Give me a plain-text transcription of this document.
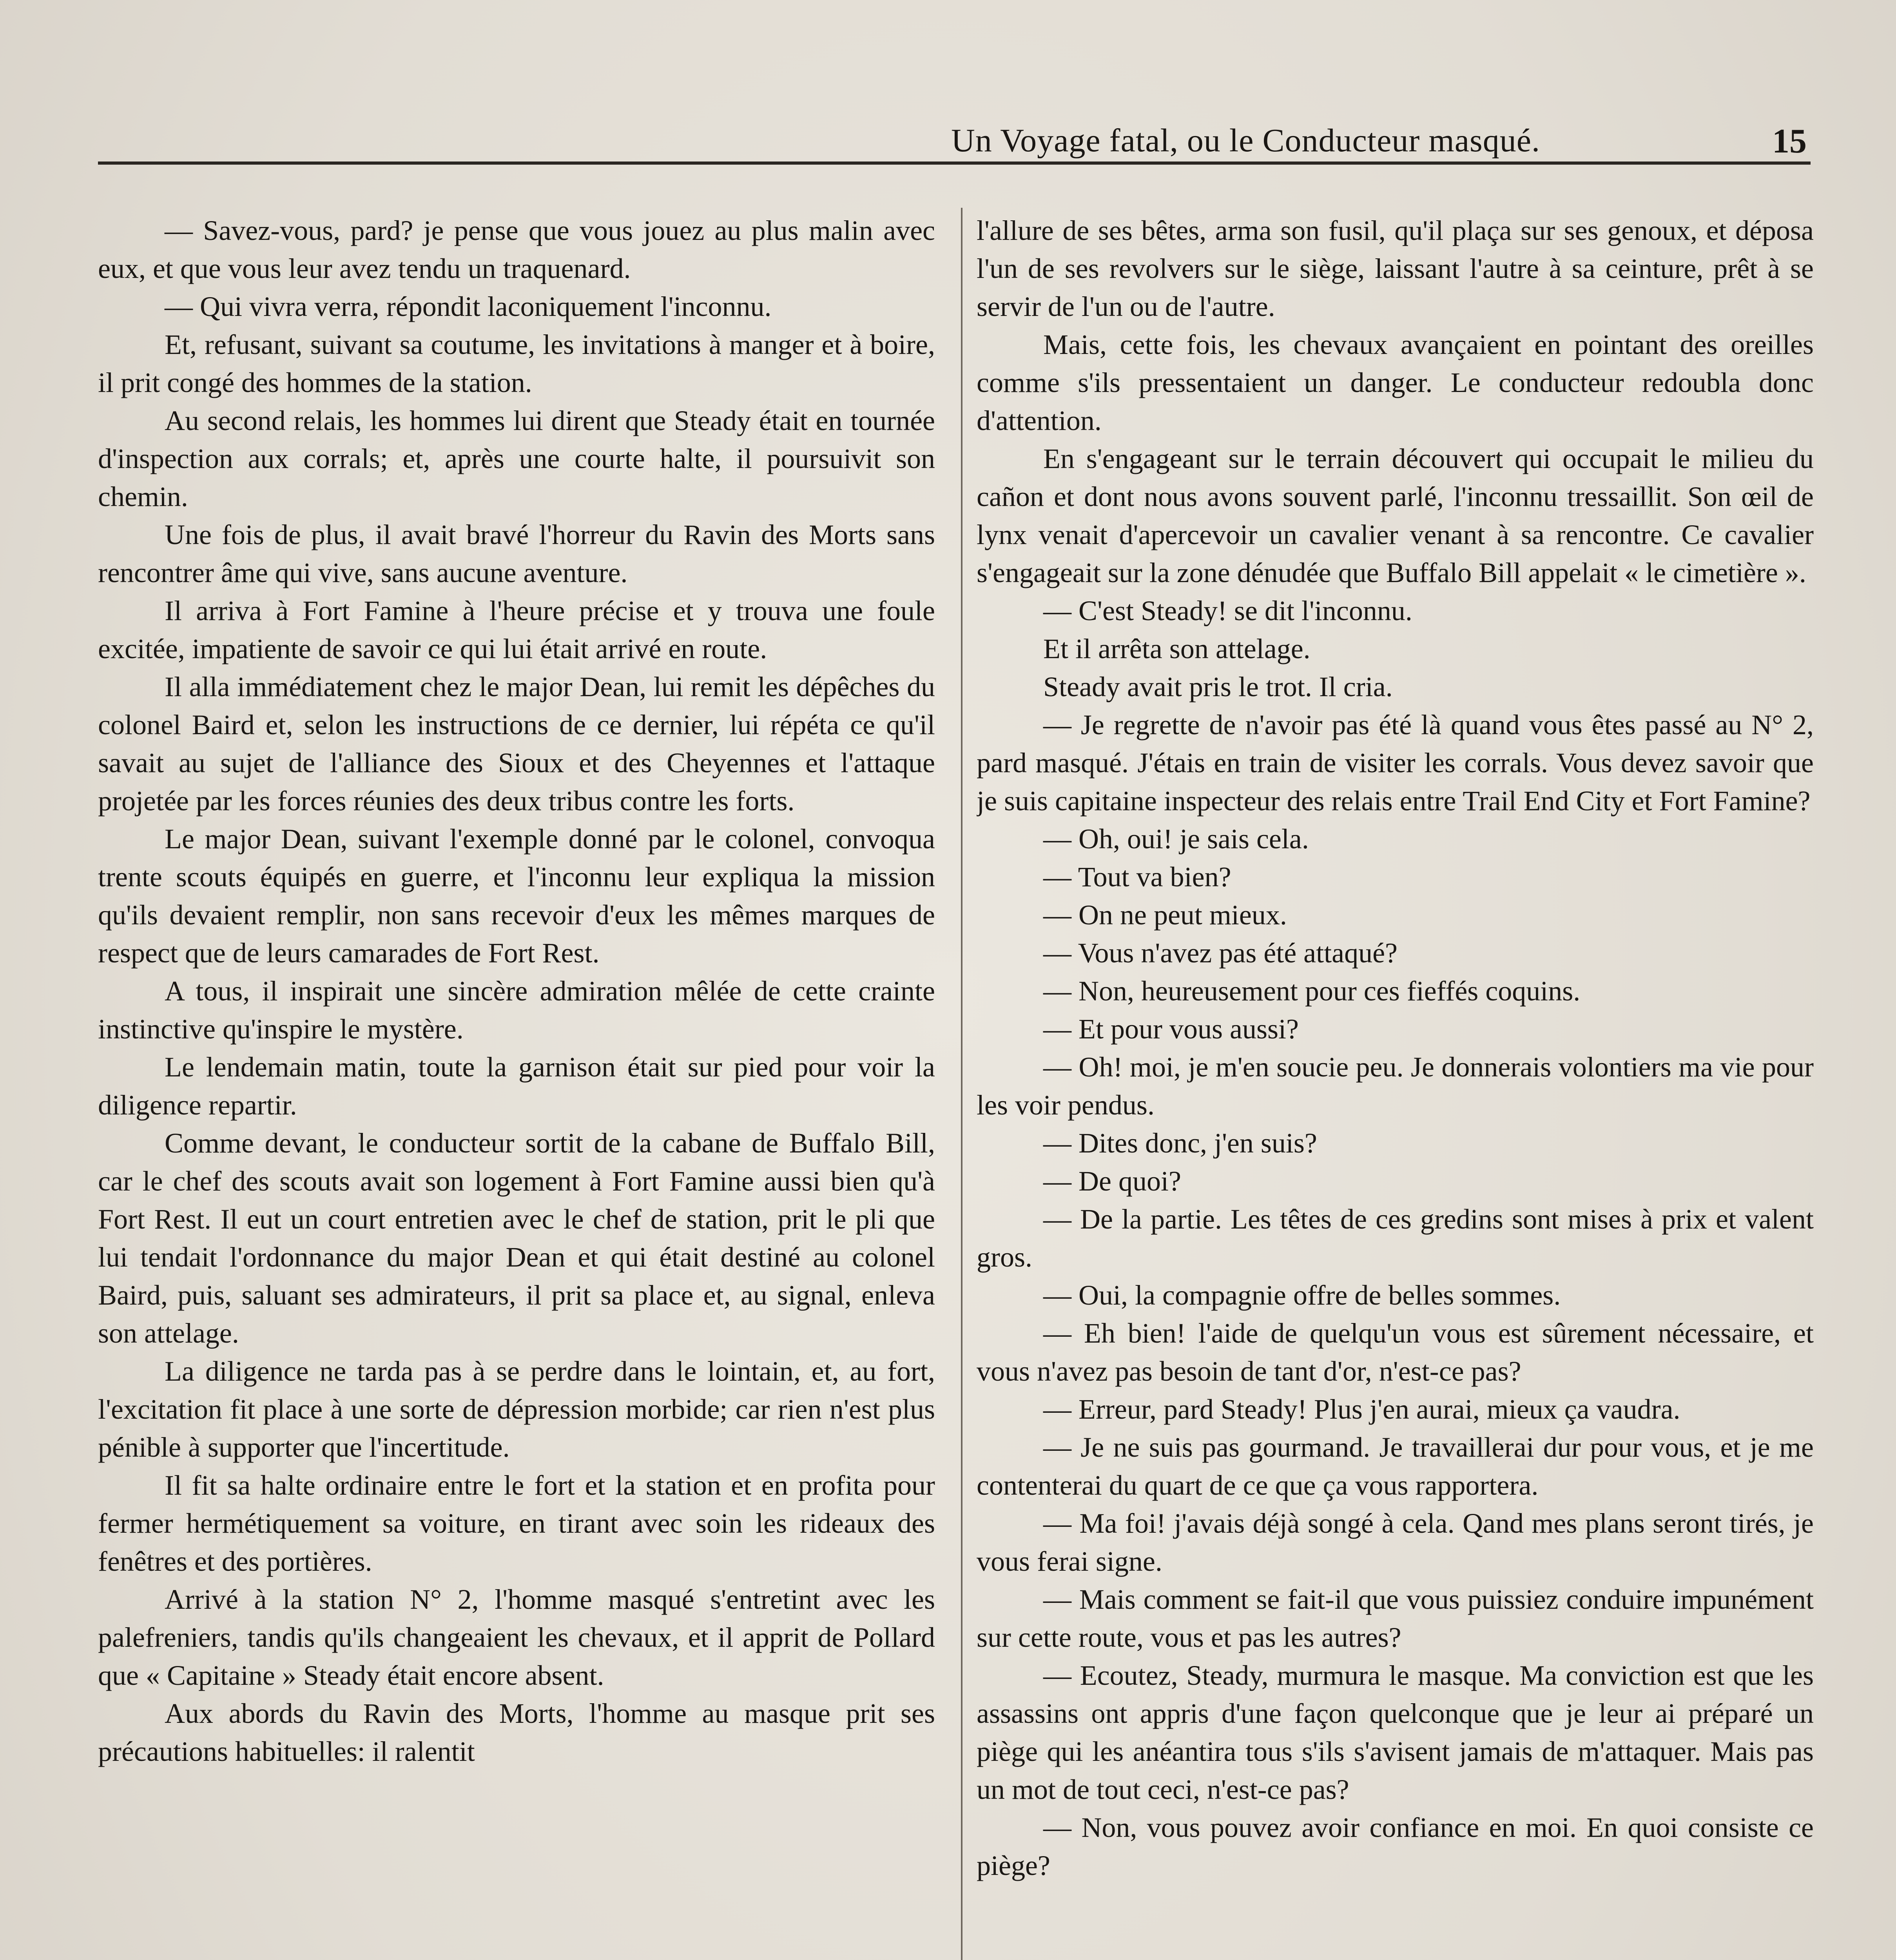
Un Voyage fatal, ou le Conducteur masqué.	15

— Savez-vous, pard? je pense que vous jouez au plus malin avec eux, et que vous leur avez tendu un traquenard.

— Qui vivra verra, répondit laconiquement l'inconnu.

Et, refusant, suivant sa coutume, les invitations à manger et à boire, il prit congé des hommes de la station.

Au second relais, les hommes lui dirent que Steady était en tournée d'inspection aux corrals; et, après une courte halte, il poursuivit son chemin.

Une fois de plus, il avait bravé l'horreur du Ravin des Morts sans rencontrer âme qui vive, sans aucune aventure.

Il arriva à Fort Famine à l'heure précise et y trouva une foule excitée, impatiente de savoir ce qui lui était arrivé en route.

Il alla immédiatement chez le major Dean, lui remit les dépêches du colonel Baird et, selon les instructions de ce dernier, lui répéta ce qu'il savait au sujet de l'alliance des Sioux et des Cheyennes et l'attaque projetée par les forces réunies des deux tribus contre les forts.

Le major Dean, suivant l'exemple donné par le colonel, convoqua trente scouts équipés en guerre, et l'inconnu leur expliqua la mission qu'ils devaient remplir, non sans recevoir d'eux les mêmes marques de respect que de leurs camarades de Fort Rest.

A tous, il inspirait une sincère admiration mêlée de cette crainte instinctive qu'inspire le mystère.

Le lendemain matin, toute la garnison était sur pied pour voir la diligence repartir.

Comme devant, le conducteur sortit de la cabane de Buffalo Bill, car le chef des scouts avait son logement à Fort Famine aussi bien qu'à Fort Rest. Il eut un court entretien avec le chef de station, prit le pli que lui tendait l'ordonnance du major Dean et qui était destiné au colonel Baird, puis, saluant ses admirateurs, il prit sa place et, au signal, enleva son attelage.

La diligence ne tarda pas à se perdre dans le lointain, et, au fort, l'excitation fit place à une sorte de dépression morbide; car rien n'est plus pénible à supporter que l'incertitude.

Il fit sa halte ordinaire entre le fort et la station et en profita pour fermer hermétiquement sa voiture, en tirant avec soin les rideaux des fenêtres et des portières.

Arrivé à la station N° 2, l'homme masqué s'entretint avec les palefreniers, tandis qu'ils changeaient les chevaux, et il apprit de Pollard que « Capitaine » Steady était encore absent.

Aux abords du Ravin des Morts, l'homme au masque prit ses précautions habituelles: il ralentit

l'allure de ses bêtes, arma son fusil, qu'il plaça sur ses genoux, et déposa l'un de ses revolvers sur le siège, laissant l'autre à sa ceinture, prêt à se servir de l'un ou de l'autre.

Mais, cette fois, les chevaux avançaient en pointant des oreilles comme s'ils pressentaient un danger. Le conducteur redoubla donc d'attention.

En s'engageant sur le terrain découvert qui occupait le milieu du cañon et dont nous avons souvent parlé, l'inconnu tressaillit. Son œil de lynx venait d'apercevoir un cavalier venant à sa rencontre. Ce cavalier s'engageait sur la zone dénudée que Buffalo Bill appelait « le cimetière ».

— C'est Steady! se dit l'inconnu.

Et il arrêta son attelage.

Steady avait pris le trot. Il cria.

— Je regrette de n'avoir pas été là quand vous êtes passé au N° 2, pard masqué. J'étais en train de visiter les corrals. Vous devez savoir que je suis capitaine inspecteur des relais entre Trail End City et Fort Famine?

— Oh, oui! je sais cela.

— Tout va bien?

— On ne peut mieux.

— Vous n'avez pas été attaqué?

— Non, heureusement pour ces fieffés coquins.

— Et pour vous aussi?

— Oh! moi, je m'en soucie peu. Je donnerais volontiers ma vie pour les voir pendus.

— Dites donc, j'en suis?

— De quoi?

— De la partie. Les têtes de ces gredins sont mises à prix et valent gros.

— Oui, la compagnie offre de belles sommes.

— Eh bien! l'aide de quelqu'un vous est sûrement nécessaire, et vous n'avez pas besoin de tant d'or, n'est-ce pas?

— Erreur, pard Steady! Plus j'en aurai, mieux ça vaudra.

— Je ne suis pas gourmand. Je travaillerai dur pour vous, et je me contenterai du quart de ce que ça vous rapportera.

— Ma foi! j'avais déjà songé à cela. Qand mes plans seront tirés, je vous ferai signe.

— Mais comment se fait-il que vous puissiez conduire impunément sur cette route, vous et pas les autres?

— Ecoutez, Steady, murmura le masque. Ma conviction est que les assassins ont appris d'une façon quelconque que je leur ai préparé un piège qui les anéantira tous s'ils s'avisent jamais de m'attaquer. Mais pas un mot de tout ceci, n'est-ce pas?

— Non, vous pouvez avoir confiance en moi. En quoi consiste ce piège?
